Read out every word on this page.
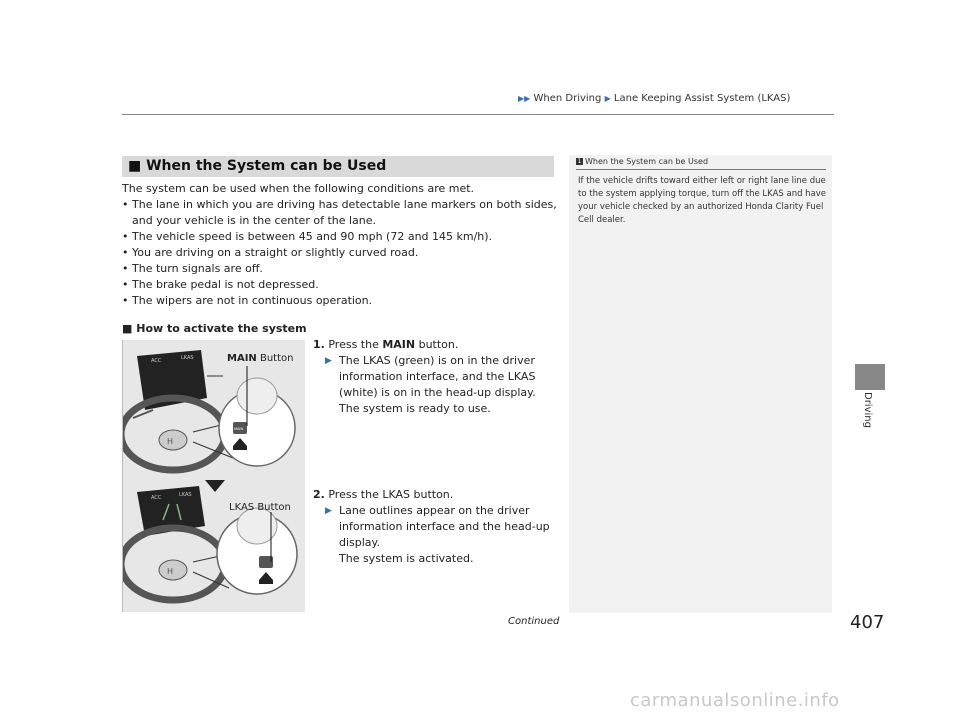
▶▶ When Driving ▶ Lane Keeping Assist System (LKAS)
Driving
■ When the System can be Used
The system can be used when the following conditions are met.
• The lane in which you are driving has detectable lane markers on both sides, and your vehicle is in the center of the lane.
• The vehicle speed is between 45 and 90 mph (72 and 145 km/h).
• You are driving on a straight or slightly curved road.
• The turn signals are off.
• The brake pedal is not depressed.
• The wipers are not in continuous operation.
■ How to activate the system
ACC	LKAS
H
MAIN
ACC	LKAS
H
MAIN Button
LKAS Button
1. Press the MAIN button.
▶ The LKAS (green) is on in the driver information interface, and the LKAS (white) is on in the head-up display.
The system is ready to use.
2. Press the LKAS button.
▶ Lane outlines appear on the driver information interface and the head-up display.
The system is activated.
1 When the System can be Used
If the vehicle drifts toward either left or right lane line due to the system applying torque, turn off the LKAS and have your vehicle checked by an authorized Honda Clarity Fuel Cell dealer.
Continued	407
carmanualsonline.info
